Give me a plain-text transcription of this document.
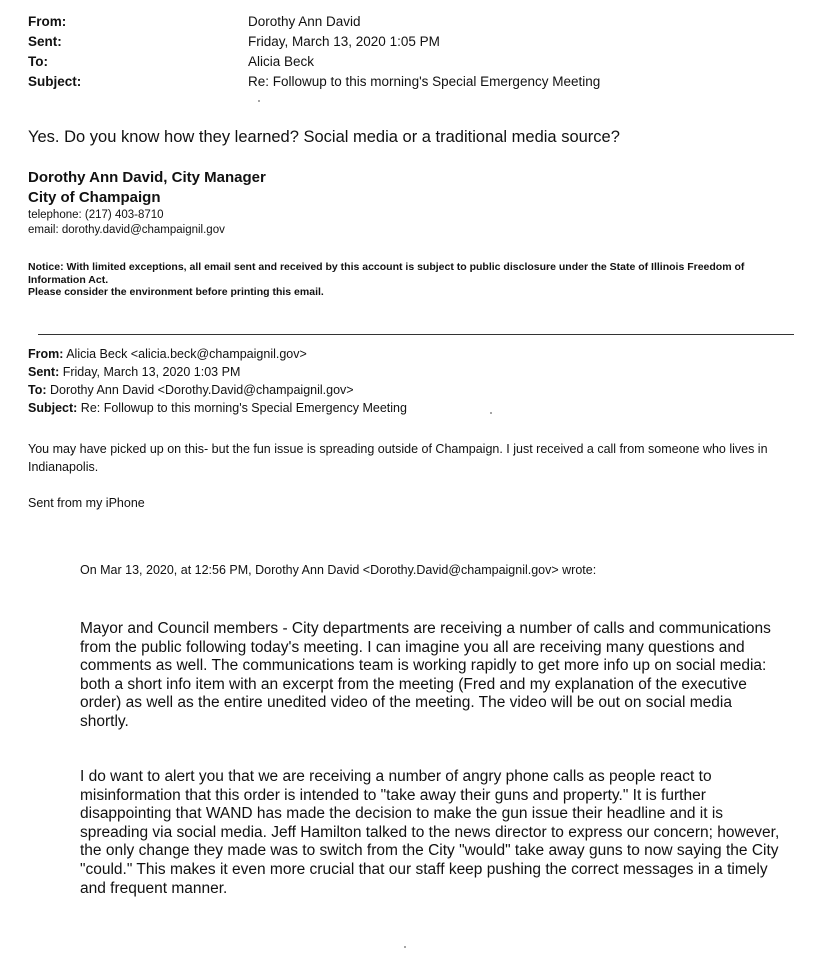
From:	Dorothy Ann David
Sent:	Friday, March 13, 2020 1:05 PM
To:	Alicia Beck
Subject:	Re: Followup to this morning's Special Emergency Meeting
Yes. Do you know how they learned? Social media or a traditional media source?
Dorothy Ann David, City Manager
City of Champaign
telephone: (217) 403-8710
email: dorothy.david@champaignil.gov
Notice: With limited exceptions, all email sent and received by this account is subject to public disclosure under the State of Illinois Freedom of Information Act.
Please consider the environment before printing this email.
From: Alicia Beck <alicia.beck@champaignil.gov>
Sent: Friday, March 13, 2020 1:03 PM
To: Dorothy Ann David <Dorothy.David@champaignil.gov>
Subject: Re: Followup to this morning's Special Emergency Meeting
You may have picked up on this- but the fun issue is spreading outside of Champaign. I just received a call from someone who lives in Indianapolis.
Sent from my iPhone
On Mar 13, 2020, at 12:56 PM, Dorothy Ann David <Dorothy.David@champaignil.gov> wrote:
Mayor and Council members - City departments are receiving a number of calls and communications from the public following today's meeting. I can imagine you all are receiving many questions and comments as well. The communications team is working rapidly to get more info up on social media: both a short info item with an excerpt from the meeting (Fred and my explanation of the executive order) as well as the entire unedited video of the meeting. The video will be out on social media shortly.
I do want to alert you that we are receiving a number of angry phone calls as people react to misinformation that this order is intended to "take away their guns and property." It is further disappointing that WAND has made the decision to make the gun issue their headline and it is spreading via social media. Jeff Hamilton talked to the news director to express our concern; however, the only change they made was to switch from the City "would" take away guns to now saying the City "could." This makes it even more crucial that our staff keep pushing the correct messages in a timely and frequent manner.
